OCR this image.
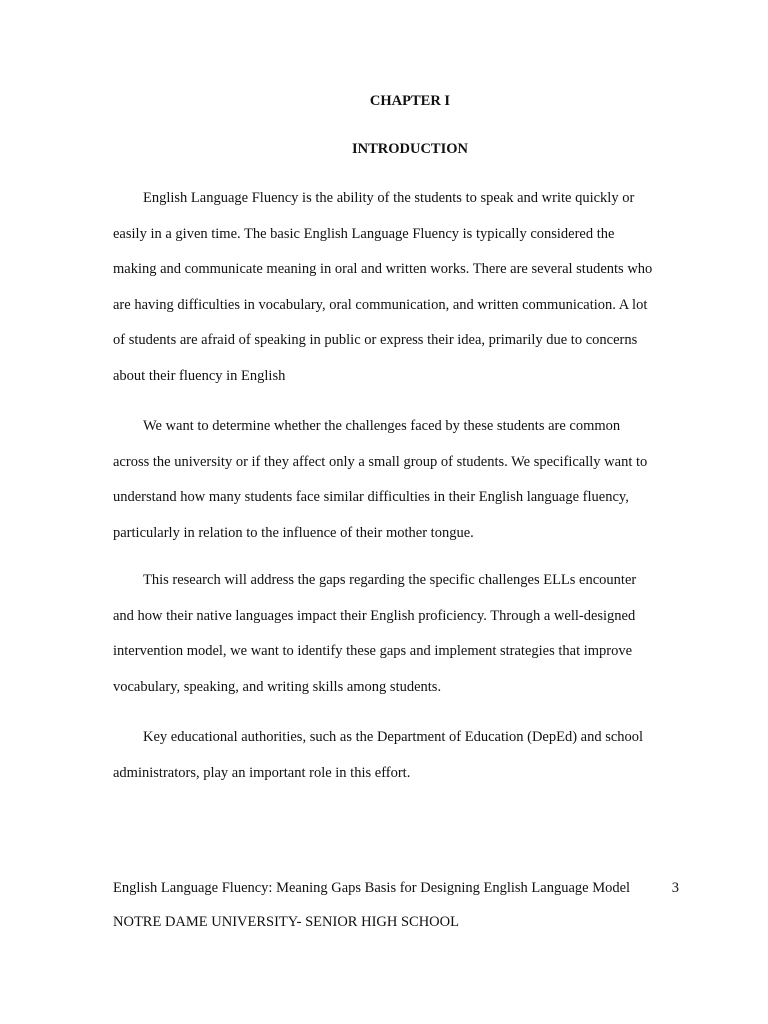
CHAPTER I
INTRODUCTION

English Language Fluency is the ability of the students to speak and write quickly or
easily in a given time. The basic English Language Fluency is typically considered the
making and communicate meaning in oral and written works. There are several students who
are having difficulties in vocabulary, oral communication, and written communication. A lot
of students are afraid of speaking in public or express their idea, primarily due to concerns
about their fluency in English

We want to determine whether the challenges faced by these students are common
across the university or if they affect only a small group of students. We specifically want to
understand how many students face similar difficulties in their English language fluency,
particularly in relation to the influence of their mother tongue.

This research will address the gaps regarding the specific challenges ELLs encounter
and how their native languages impact their English proficiency. Through a well-designed
intervention model, we want to identify these gaps and implement strategies that improve
vocabulary, speaking, and writing skills among students.

Key educational authorities, such as the Department of Education (DepEd) and school
administrators, play an important role in this effort.

English Language Fluency: Meaning Gaps Basis for Designing English Language Model	3
NOTRE DAME UNIVERSITY- SENIOR HIGH SCHOOL
